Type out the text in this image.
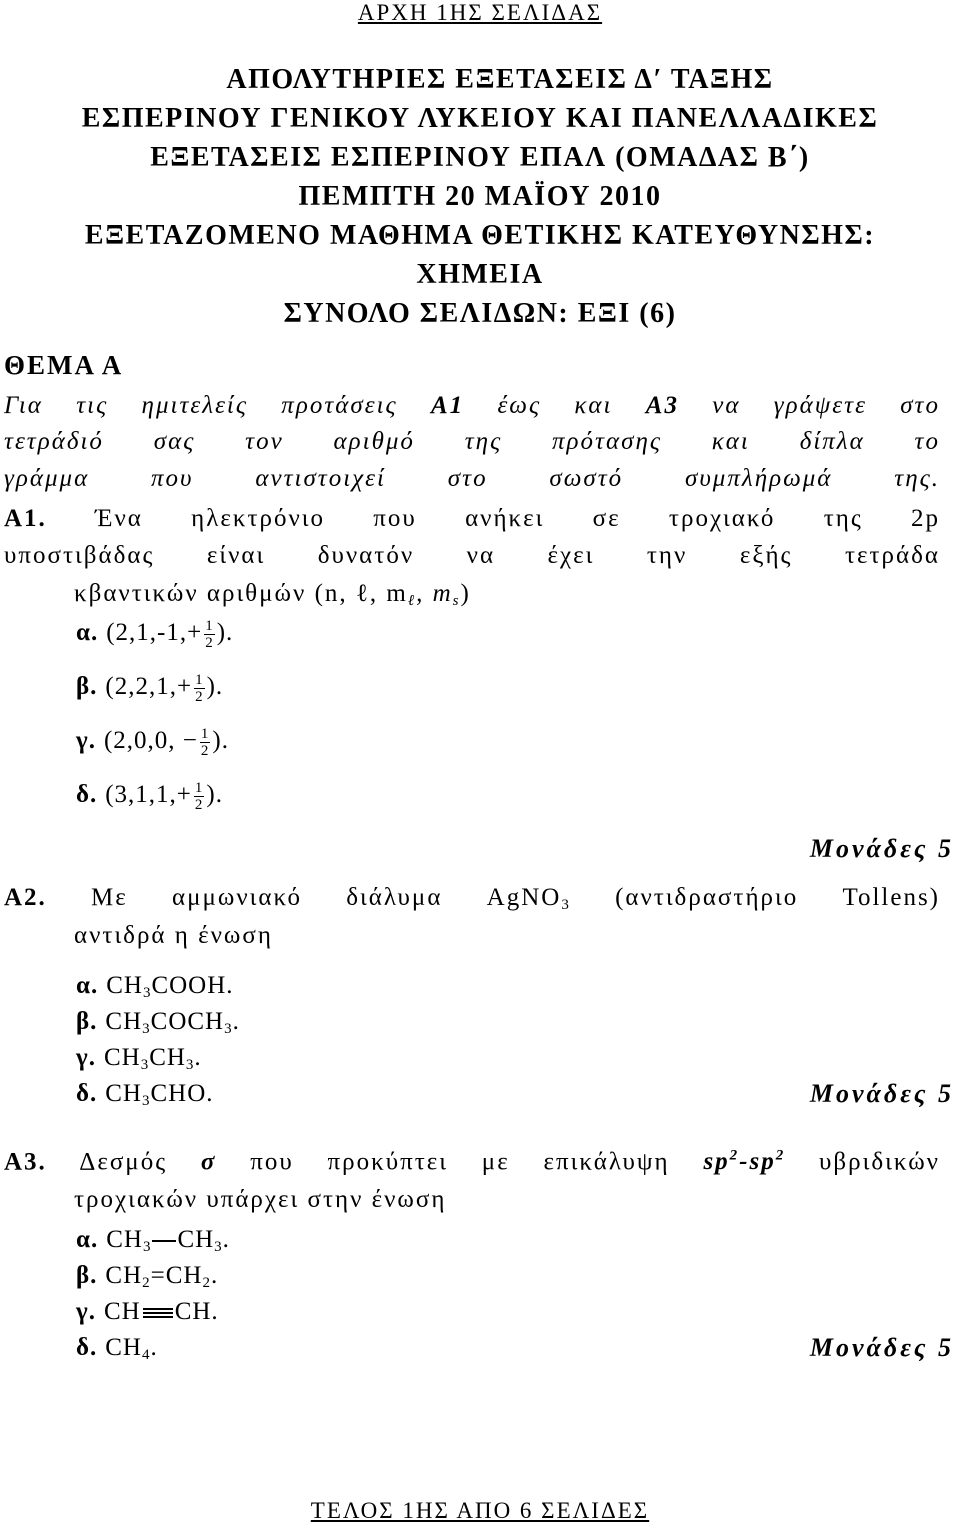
ΑΡΧΗ 1ΗΣ ΣΕΛΙΔΑΣ

ΑΠΟΛΥΤΗΡΙΕΣ ΕΞΕΤΑΣΕΙΣ Δ′ ΤΑΞΗΣ

ΕΣΠΕΡΙΝΟΥ ΓΕΝΙΚΟΥ ΛΥΚΕΙΟΥ ΚΑΙ ΠΑΝΕΛΛΑΔΙΚΕΣ

ΕΞΕΤΑΣΕΙΣ ΕΣΠΕΡΙΝΟΥ ΕΠΑΛ (ΟΜΑΔΑΣ Β΄)

ΠΕΜΠΤΗ 20 ΜΑΪΟΥ 2010

ΕΞΕΤΑΖΟΜΕΝΟ ΜΑΘΗΜΑ ΘΕΤΙΚΗΣ ΚΑΤΕΥΘΥΝΣΗΣ:

ΧΗΜΕΙΑ

ΣΥΝΟΛΟ ΣΕΛΙΔΩΝ: ΕΞΙ (6)

ΘΕΜΑ Α
Για τις ημιτελείς προτάσεις Α1 έως και Α3 να γράψετε στο
τετράδιό σας τον αριθμό της πρότασης και δίπλα το
γράμμα που αντιστοιχεί στο σωστό συμπλήρωμά της.
Α1. Ένα ηλεκτρόνιο που ανήκει σε τροχιακό της 2p
υποστιβάδας είναι δυνατόν να έχει την εξής τετράδα
κβαντικών αριθμών (n, ℓ, $m_\ell$, $m_s$)
α. ($2,1,-1,+ \frac{1}{2}$ ).
β. ($2,2,1,+ \frac{1}{2}$ ).
γ. (2,0,0, − $\frac{1}{2}$ ).
δ. ($3,1,1,+ \frac{1}{2}$ ).
Μονάδες 5
Α2. Με αμμωνιακό διάλυμα AgNO$_3$ (αντιδραστήριο Tollens)
αντιδρά η ένωση
α. $CH_3COOH$.
β. $CH_3COCH_3$.
γ. $CH_3CH_3$.
δ. $CH_3CHO$.	Μονάδες 5
Α3. Δεσμός σ που προκύπτει με επικάλυψη $sp^2-sp^2$ υβριδικών
τροχιακών υπάρχει στην ένωση
α. $CH_3$ $CH_3$.
β. $CH_2=CH_2$.
γ. CH CH.
δ. $CH_4$.	Μονάδες 5
ΤΕΛΟΣ 1ΗΣ ΑΠΟ 6 ΣΕΛΙΔΕΣ
